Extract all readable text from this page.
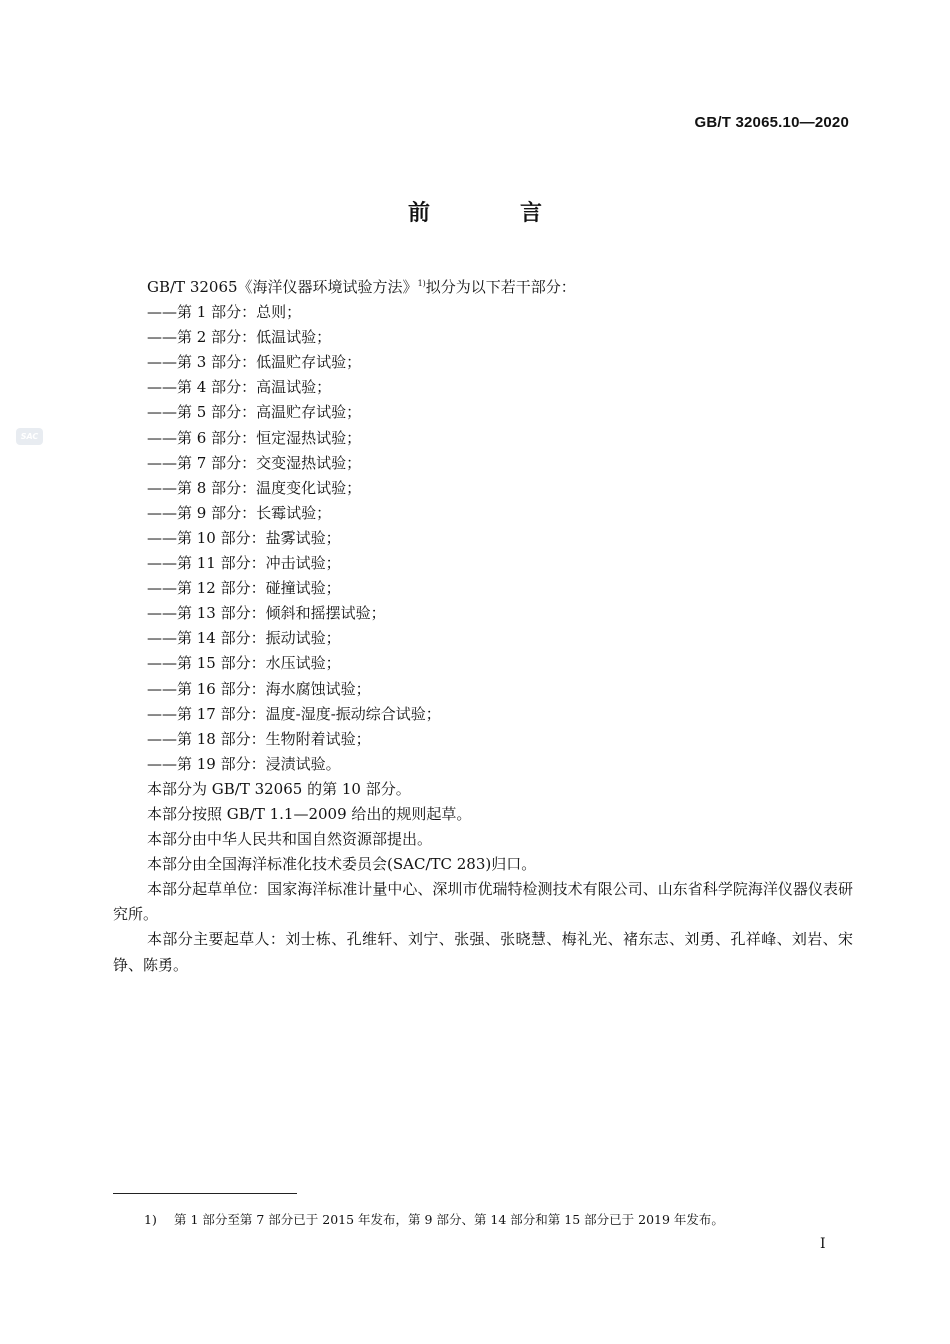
GB/T 32065.10—2020
SAC
前　言

GB/T 32065《海洋仪器环境试验方法》$^{1)}$拟分为以下若干部分：

——第 1 部分：总则；

——第 2 部分：低温试验；

——第 3 部分：低温贮存试验；

——第 4 部分：高温试验；

——第 5 部分：高温贮存试验；

——第 6 部分：恒定湿热试验；

——第 7 部分：交变湿热试验；

——第 8 部分：温度变化试验；

——第 9 部分：长霉试验；

——第 10 部分：盐雾试验；

——第 11 部分：冲击试验；

——第 12 部分：碰撞试验；

——第 13 部分：倾斜和摇摆试验；

——第 14 部分：振动试验；

——第 15 部分：水压试验；

——第 16 部分：海水腐蚀试验；

——第 17 部分：温度-湿度-振动综合试验；

——第 18 部分：生物附着试验；

——第 19 部分：浸渍试验。

本部分为 GB/T 32065 的第 10 部分。

本部分按照 GB/T 1.1—2009 给出的规则起草。

本部分由中华人民共和国自然资源部提出。

本部分由全国海洋标准化技术委员会(SAC/TC 283)归口。

本部分起草单位：国家海洋标准计量中心、深圳市优瑞特检测技术有限公司、山东省科学院海洋仪器仪表研究所。

本部分主要起草人：刘士栋、孔维轩、刘宁、张强、张晓慧、梅礼光、褚东志、刘勇、孔祥峰、刘岩、宋铮、陈勇。

1) 第 1 部分至第 7 部分已于 2015 年发布，第 9 部分、第 14 部分和第 15 部分已于 2019 年发布。
I
